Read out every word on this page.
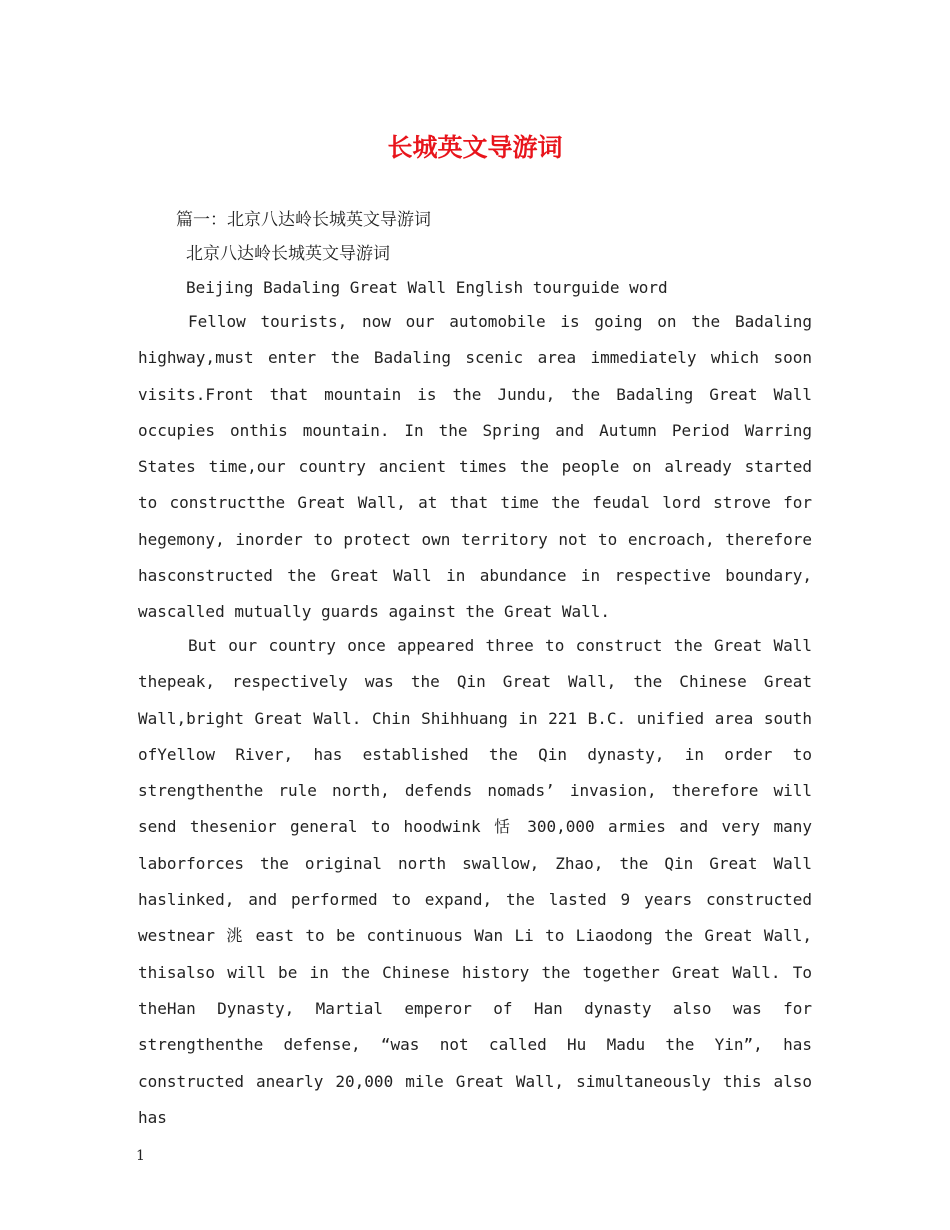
长城英文导游词

篇一：北京八达岭长城英文导游词

北京八达岭长城英文导游词

Beijing Badaling Great Wall English tourguide word

Fellow tourists, now our automobile is going on the Badaling highway,must enter the Badaling scenic area immediately which soon visits.Front that mountain is the Jundu, the Badaling Great Wall occupies onthis mountain. In the Spring and Autumn Period Warring States time,our country ancient times the people on already started to constructthe Great Wall, at that time the feudal lord strove for hegemony, inorder to protect own territory not to encroach, therefore hasconstructed the Great Wall in abundance in respective boundary, wascalled mutually guards against the Great Wall.

But our country once appeared three to construct the Great Wall thepeak, respectively was the Qin Great Wall, the Chinese Great Wall,bright Great Wall. Chin Shihhuang in 221 B.C. unified area south ofYellow River, has established the Qin dynasty, in order to strengthenthe rule north, defends nomads’ invasion, therefore will send thesenior general to hoodwink 恬 300,000 armies and very many laborforces the original north swallow, Zhao, the Qin Great Wall haslinked, and performed to expand, the lasted 9 years constructed westnear 洮 east to be continuous Wan Li to Liaodong the Great Wall, thisalso will be in the Chinese history the together Great Wall. To theHan Dynasty, Martial emperor of Han dynasty also was for strengthenthe defense, “was not called Hu Madu the Yin”, has constructed anearly 20,000 mile Great Wall, simultaneously this also has

1
